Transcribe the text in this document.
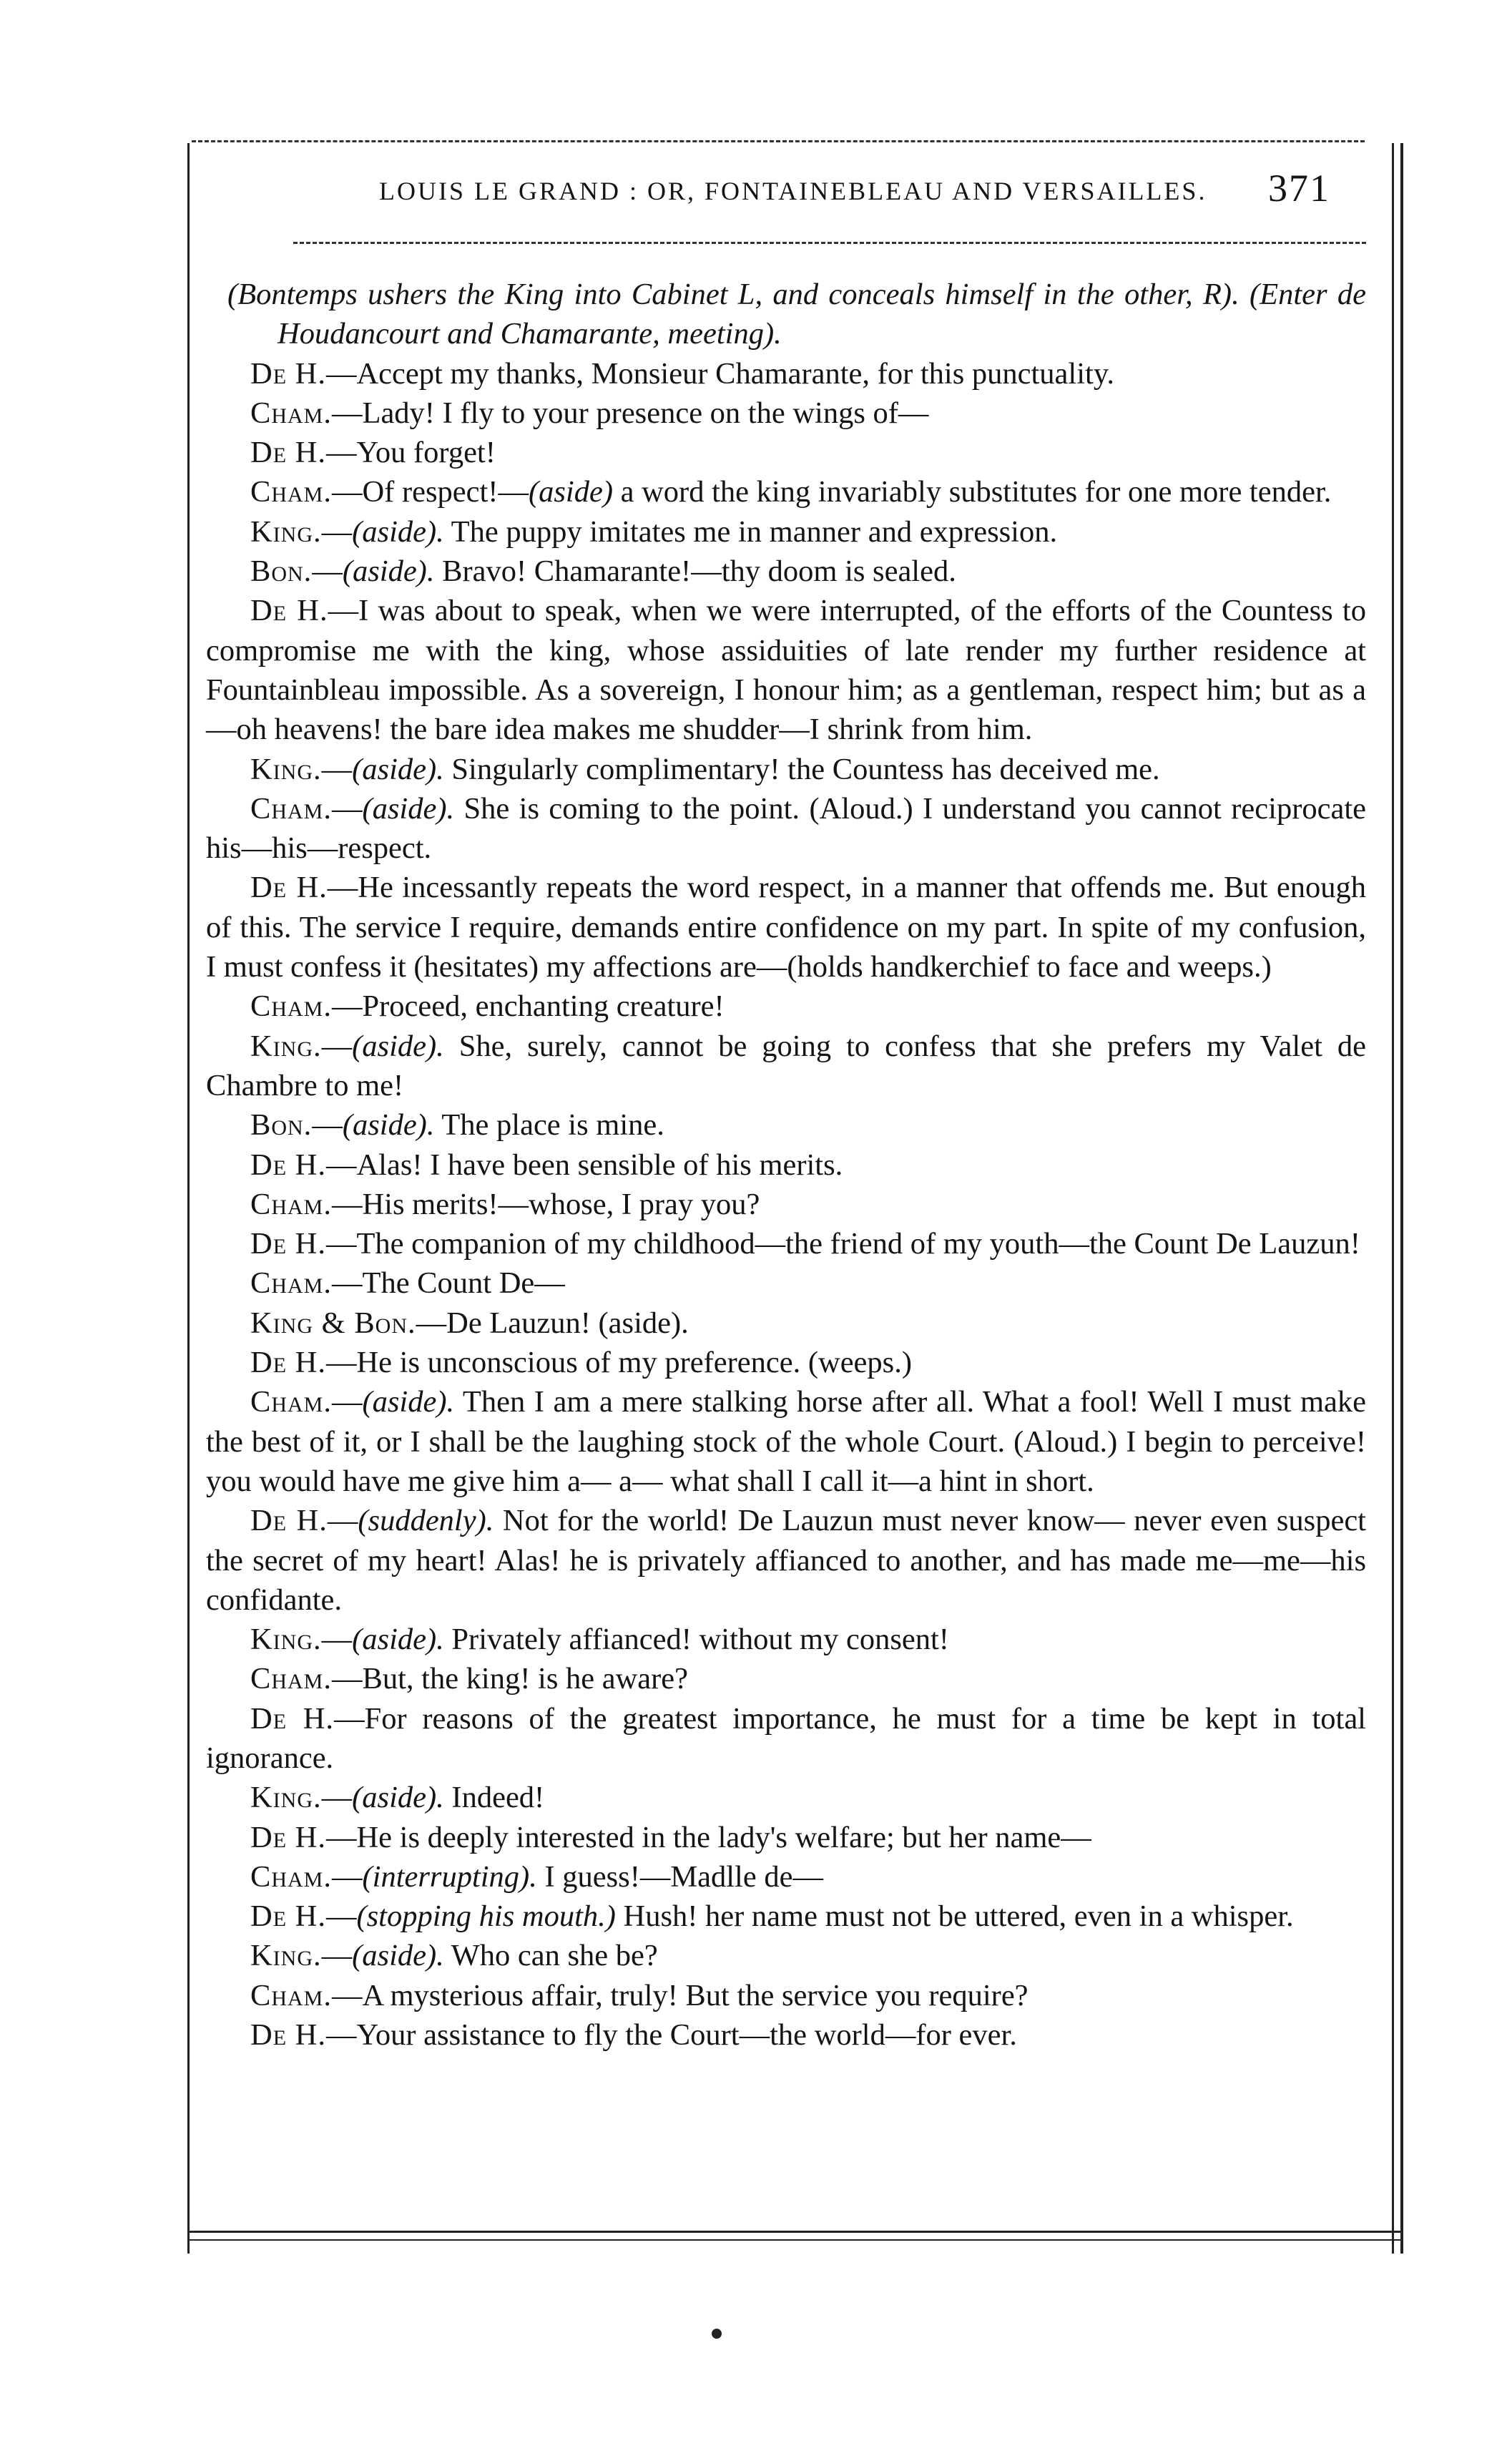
LOUIS LE GRAND : OR, FONTAINEBLEAU AND VERSAILLES. 371

(Bontemps ushers the King into Cabinet L, and conceals himself in the other, R). (Enter de Houdancourt and Chamarante, meeting).

De H.—Accept my thanks, Monsieur Chamarante, for this punctuality.

Cham.—Lady! I fly to your presence on the wings of—

De H.—You forget!

Cham.—Of respect!—(aside) a word the king invariably substitutes for one more tender.

King.—(aside). The puppy imitates me in manner and expression.

Bon.—(aside). Bravo! Chamarante!—thy doom is sealed.

De H.—I was about to speak, when we were interrupted, of the efforts of the Countess to compromise me with the king, whose assiduities of late render my further residence at Fountainbleau impossible. As a sovereign, I honour him; as a gentleman, respect him; but as a—oh heavens! the bare idea makes me shudder—I shrink from him.

King.—(aside). Singularly complimentary! the Countess has deceived me.

Cham.—(aside). She is coming to the point. (Aloud.) I understand you cannot reciprocate his—his—respect.

De H.—He incessantly repeats the word respect, in a manner that offends me. But enough of this. The service I require, demands entire confidence on my part. In spite of my confusion, I must confess it (hesitates) my affections are—(holds handkerchief to face and weeps.)

Cham.—Proceed, enchanting creature!

King.—(aside). She, surely, cannot be going to confess that she prefers my Valet de Chambre to me!

Bon.—(aside). The place is mine.

De H.—Alas! I have been sensible of his merits.

Cham.—His merits!—whose, I pray you?

De H.—The companion of my childhood—the friend of my youth—the Count De Lauzun!

Cham.—The Count De—

King & Bon.—De Lauzun! (aside).

De H.—He is unconscious of my preference. (weeps.)

Cham.—(aside). Then I am a mere stalking horse after all. What a fool! Well I must make the best of it, or I shall be the laughing stock of the whole Court. (Aloud.) I begin to perceive! you would have me give him a— a— what shall I call it—a hint in short.

De H.—(suddenly). Not for the world! De Lauzun must never know— never even suspect the secret of my heart! Alas! he is privately affianced to another, and has made me—me—his confidante.

King.—(aside). Privately affianced! without my consent!

Cham.—But, the king! is he aware?

De H.—For reasons of the greatest importance, he must for a time be kept in total ignorance.

King.—(aside). Indeed!

De H.—He is deeply interested in the lady's welfare; but her name—

Cham.—(interrupting). I guess!—Madlle de—

De H.—(stopping his mouth.) Hush! her name must not be uttered, even in a whisper.

King.—(aside). Who can she be?

Cham.—A mysterious affair, truly! But the service you require?

De H.—Your assistance to fly the Court—the world—for ever.
